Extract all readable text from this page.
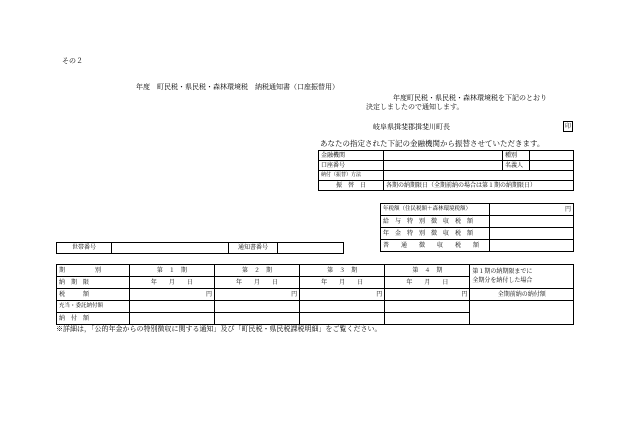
その２
年度　町民税・県民税・森林環境税　納税通知書（口座振替用）
年度町民税・県民税・森林環境税を下記のとおり
決定しましたので通知します。
岐阜県揖斐郡揖斐川町長	印
あなたの指定された下記の金融機関から振替させていただきます。
金融機関		種別	
口座番号		名義人	
納付（振替）方法			
振　替　日	各期の納期限日（全期前納の場合は第１期の納期限日）		
年税額（住民税額＋森林環境税額）	円
給　与　特　別　徴　収　税　額	
年　金　特　別　徴　収　税　額	
普　　通　　徴　　収　　税　　額	
世帯番号		通知書番号	
期　　　　　別	第　１　期	第　２　期	第　３　期	第　４　期	第１期の納期限までに
全期分を納付した場合

納　期　限	年　　月　　日	年　　月　　日	年　　月　　日	年　　月　　日	
税　　　額	円	円	円	円	全期前納の納付額
充当・委託納付額					
納　付　額					
※詳細は，「公的年金からの特別徴収に関する通知」及び「町民税・県民税課税明細」をご覧ください。
